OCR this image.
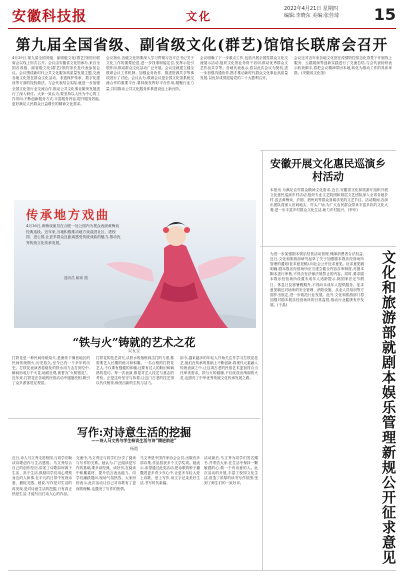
安徽科技报	文化
2022年4月21日 星期四
编辑:李晓东 美编:张佳琦	15
第九届全国省级、副省级文化(群艺)馆馆长联席会召开
4月19日,第九届全国省级、副省级文化(群艺)馆馆长联席会以线上形式召开。会议由安徽省文化馆承办,来自全国各省级、副省级文化(群艺)馆的馆长及代表参加会议。会议围绕新时代公共文化服务高质量发展主题,交流各地文化馆在群众文化活动、非遗保护传承、数字化建设等方面的经验做法。与会代表结合实际,就进一步加强全国文化馆行业交流合作,推动公共文化事业繁荣发展进行了深入研讨。大家一致认为,要坚持以人民为中心的工作导向,不断创新服务方式,丰富服务内容,提升服务效能,更好满足人民群众日益增长的精神文化需求。
会议指出,各级文化馆要深入学习贯彻习近平总书记关于文化工作的重要论述,进一步找准职能定位,发挥示范引领作用,推动群众文化活动广泛开展。会议还就建立健全联席会议工作机制、加强业务协作、推进资源共享等事项进行了讨论。会议认为,联席会议是全国文化馆系统交流合作的重要平台,要持续发挥好平台作用,凝聚行业力量,共同推动公共文化服务体系建设迈上新台阶。
会议明确了下一步重点工作,包括开展全国性群众文化交流展示活动,组织文化馆业务骨干培训,推动优秀群众文艺作品共享等。各地代表表示,将以此次会议为契机,进一步加强沟通协作,携手推动新时代群众文化事业高质量发展,以优异成绩迎接党的二十大胜利召开。
会议还对近年来各地文化馆在疫情防控常态化背景下开展线上服务、云端展演等创新实践进行了交流总结,与会代表纷纷表示收获颇丰,将把会议精神带回本地,转化为推动工作的具体举措。(安徽省文化馆)
传承地方戏曲
4月16日,黄梅戏演员在合肥一处公园内为观众表演黄梅戏经典选段。近年来,当地积极推动地方戏曲进社区、进校园、进公园,让更多群众近距离感受传统戏曲的魅力,推动优秀传统文化传承发展。
通讯员 解琛 摄
安徽开展文化惠民巡演乡村活动
本报讯 为满足农村群众精神文化需求,近日,安徽省文化和旅游厅组织开展文化惠民巡演乡村活动,组织专业文艺院团和基层文艺团队深入全省各地乡村,送去黄梅戏、庐剧、泗州戏等群众喜闻乐见的文艺节目。活动期间,各演出团队将深入田间地头、村头广场,为广大农民群众带来丰富多彩的文化大餐,进一步丰富乡村群众文化生活,助力乡村振兴。(李东)
“铁与火”铸就的艺术之花
吴友宝
打铁花是一种民间传统焰火,是流传于豫晋地区的民间传统烟火,历史悠久,至今已有一千多年的历史。打铁花表演者将熔化的铁水用力击打到空中,瞬间形成万千火花,场面壮观,被誉为“火树银花”。近年来,打铁花在各地的民俗活动中屡屡亮相,吸引了众多游客驻足观赏。
打铁花的技艺讲究,从铁水的熔炼到击打的力度,都需要艺人长期的练习和积累。一名合格的打铁花艺人,不仅要有强健的体魄,还要有过人的胆识和娴熟的技巧。每一次表演,都是对艺人技艺与意志的考验。正是这份坚守与执着,让这门古老的技艺得以代代相传,焕发出新的生机与活力。
如今,越来越多的年轻人开始关注并学习打铁花技艺,他们在传承的基础上不断创新,将现代元素融入传统表演之中,让这项古老的民俗艺术更加符合当代审美需求。铁与火的碰撞,不仅绽放出绚丽的火花,也照亮了中华优秀传统文化传承发展之路。
写作:对诗意生活的挖掘
——诗人马文秀与学生畅谈生活与诗“精进前进”
杨霞
近日,诗人马文秀走进校园,与同学们畅谈诗歌创作与生活感悟。马文秀结合自己的创作经历,讲述了诗歌如何源于生活、高于生活,鼓励同学们用心观察身边的人和事,在平凡的日常中发现诗意、捕捉灵感。她说,写作是对生活的再发现,是对诗意生活的挖掘,只有真正热爱生活,才能写出打动人心的作品。
交流中,马文秀还与同学们分享了阅读与写作的关系。她认为,广泛阅读是写作的基础,要多读经典、读好书,在阅读中积累素材、提升语言表达能力。同学们踊跃提问,现场气氛热烈。大家纷纷表示,此次活动让自己对诗歌有了更深的理解,也激发了写作的热情。
马文秀是中国作家协会会员,出版有多部诗集,作品曾获多个文学奖项。她表示,希望通过此类活动,把诗歌的种子播撒进更多青少年心中,让更多年轻人爱上诗歌、爱上写作,用文字记录美好生活,书写时代新篇。
活动最后,马文秀为同学们签名赠书,并寄语大家:在生活中保持一颗敏感的心,做一个有诗意的人。此次活动的开展,丰富了校园文化生活,营造了浓厚的读书写作氛围,受到了师生们的一致好评。	文化和旅游部就剧本娱乐管理新规公开征求意见
为进一步加强剧本娱乐经营活动管理,保障消费者合法权益,近日,文化和旅游部研究起草了关于加强剧本娱乐经营场所管理的通知(征求意见稿),向社会公开征求意见。征求意见稿明确,剧本娱乐经营场所应当建立健全内容自审制度,对剧本脚本进行审核,不得含有法律法规禁止的内容。同时,要求剧本娱乐经营场所设置未成年人适龄提示,除国家法定节假日、休息日及寒暑假期外,不得向未成年人提供服务。征求意见稿还对场所的安全管理、消防设施、从业人员培训等方面作出规定,进一步规范行业发展。此外,文化和旅游部门将加强对剧本娱乐经营场所的日常监管,推动行业健康有序发展。(于晶)
